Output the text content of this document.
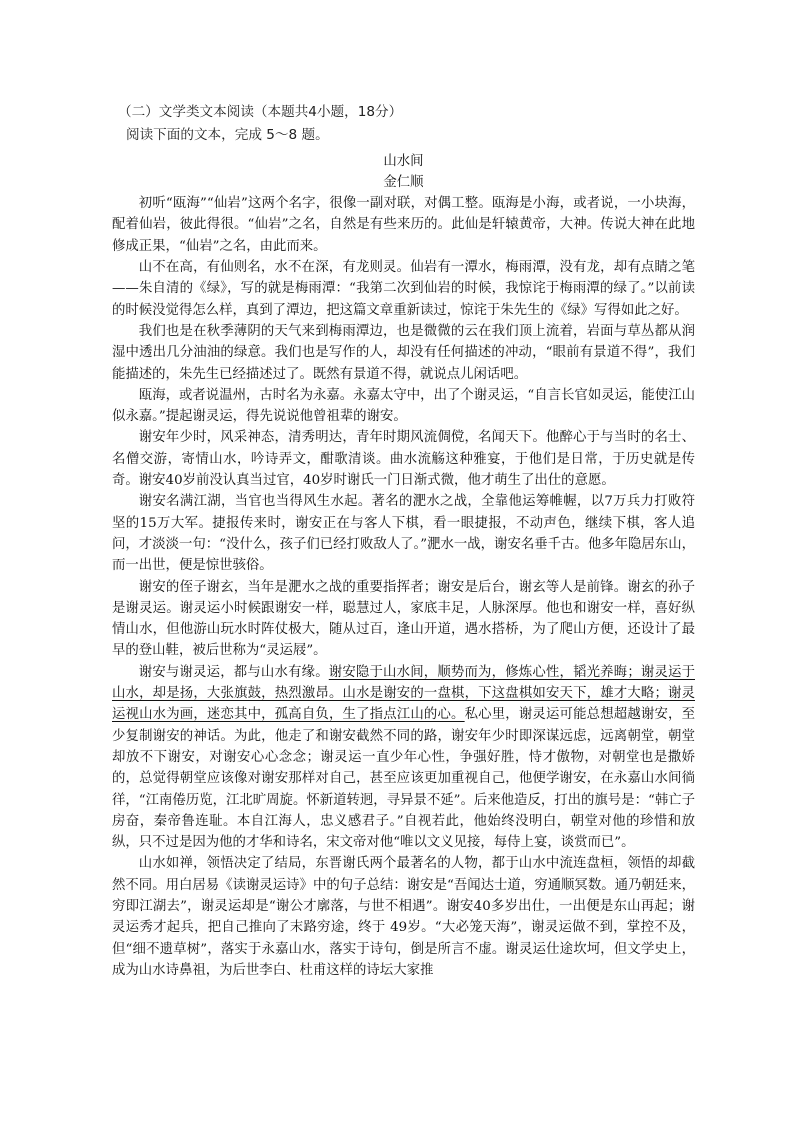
（二）文学类文本阅读（本题共4小题，18分）
阅读下面的文本，完成 5～8 题。
山水间
金仁顺

初听“瓯海”“仙岩”这两个名字，很像一副对联，对偶工整。瓯海是小海，或者说，一小块海，配着仙岩，彼此得很。“仙岩”之名，自然是有些来历的。此仙是轩辕黄帝，大神。传说大神在此地修成正果，“仙岩”之名，由此而来。

山不在高，有仙则名，水不在深，有龙则灵。仙岩有一潭水，梅雨潭，没有龙，却有点睛之笔——朱自清的《绿》，写的就是梅雨潭：“我第二次到仙岩的时候，我惊诧于梅雨潭的绿了。”以前读的时候没觉得怎么样，真到了潭边，把这篇文章重新读过，惊诧于朱先生的《绿》写得如此之好。

我们也是在秋季薄阴的天气来到梅雨潭边，也是微微的云在我们顶上流着，岩面与草丛都从润湿中透出几分油油的绿意。我们也是写作的人，却没有任何描述的冲动，“眼前有景道不得”，我们能描述的，朱先生已经描述过了。既然有景道不得，就说点儿闲话吧。

瓯海，或者说温州，古时名为永嘉。永嘉太守中，出了个谢灵运，“自言长官如灵运，能使江山似永嘉。”提起谢灵运，得先说说他曾祖辈的谢安。

谢安年少时，风采神态，清秀明达，青年时期风流倜傥，名闻天下。他醉心于与当时的名士、名僧交游，寄情山水，吟诗弄文，酣歌清谈。曲水流觞这种雅宴，于他们是日常，于历史就是传奇。谢安40岁前没认真当过官，40岁时谢氏一门日渐式微，他才萌生了出仕的意愿。

谢安名满江湖，当官也当得风生水起。著名的淝水之战，全靠他运筹帷幄，以7万兵力打败符坚的15万大军。捷报传来时，谢安正在与客人下棋，看一眼捷报，不动声色，继续下棋，客人追问，才淡淡一句：“没什么，孩子们已经打败敌人了。”淝水一战，谢安名垂千古。他多年隐居东山，而一出世，便是惊世骇俗。

谢安的侄子谢玄，当年是淝水之战的重要指挥者；谢安是后台，谢玄等人是前锋。谢玄的孙子是谢灵运。谢灵运小时候跟谢安一样，聪慧过人，家底丰足，人脉深厚。他也和谢安一样，喜好纵情山水，但他游山玩水时阵仗极大，随从过百，逢山开道，遇水搭桥，为了爬山方便，还设计了最早的登山鞋，被后世称为“灵运屐”。

谢安与谢灵运，都与山水有缘。谢安隐于山水间，顺势而为，修炼心性，韬光养晦；谢灵运于山水，却是扬，大张旗鼓，热烈激昂。山水是谢安的一盘棋，下这盘棋如安天下，雄才大略；谢灵运视山水为画，迷恋其中，孤高自负，生了指点江山的心。私心里，谢灵运可能总想超越谢安，至少复制谢安的神话。为此，他走了和谢安截然不同的路，谢安年少时即深谋远虑，远离朝堂，朝堂却放不下谢安，对谢安心心念念；谢灵运一直少年心性，争强好胜，恃才傲物，对朝堂也是撒娇的，总觉得朝堂应该像对谢安那样对自己，甚至应该更加重视自己，他便学谢安，在永嘉山水间徜徉，“江南倦历览，江北旷周旋。怀新道转迥，寻异景不延”。后来他造反，打出的旗号是：“韩亡子房奋，秦帝鲁连耻。本自江海人，忠义感君子。”自视若此，他始终没明白，朝堂对他的珍惜和放纵，只不过是因为他的才华和诗名，宋文帝对他“唯以文义见接，每侍上宴，谈赏而已”。

山水如禅，领悟决定了结局，东晋谢氏两个最著名的人物，都于山水中流连盘桓，领悟的却截然不同。用白居易《读谢灵运诗》中的句子总结：谢安是“吾闻达士道，穷通顺冥数。通乃朝廷来，穷即江湖去”，谢灵运却是“谢公才廓落，与世不相遇”。谢安40多岁出仕，一出便是东山再起；谢灵运秀才起兵，把自己推向了末路穷途，终于 49岁。“大必笼天海”，谢灵运做不到，掌控不及，但“细不遗草树”，落实于永嘉山水，落实于诗句，倒是所言不虚。谢灵运仕途坎坷，但文学史上，成为山水诗鼻祖，为后世李白、杜甫这样的诗坛大家推
